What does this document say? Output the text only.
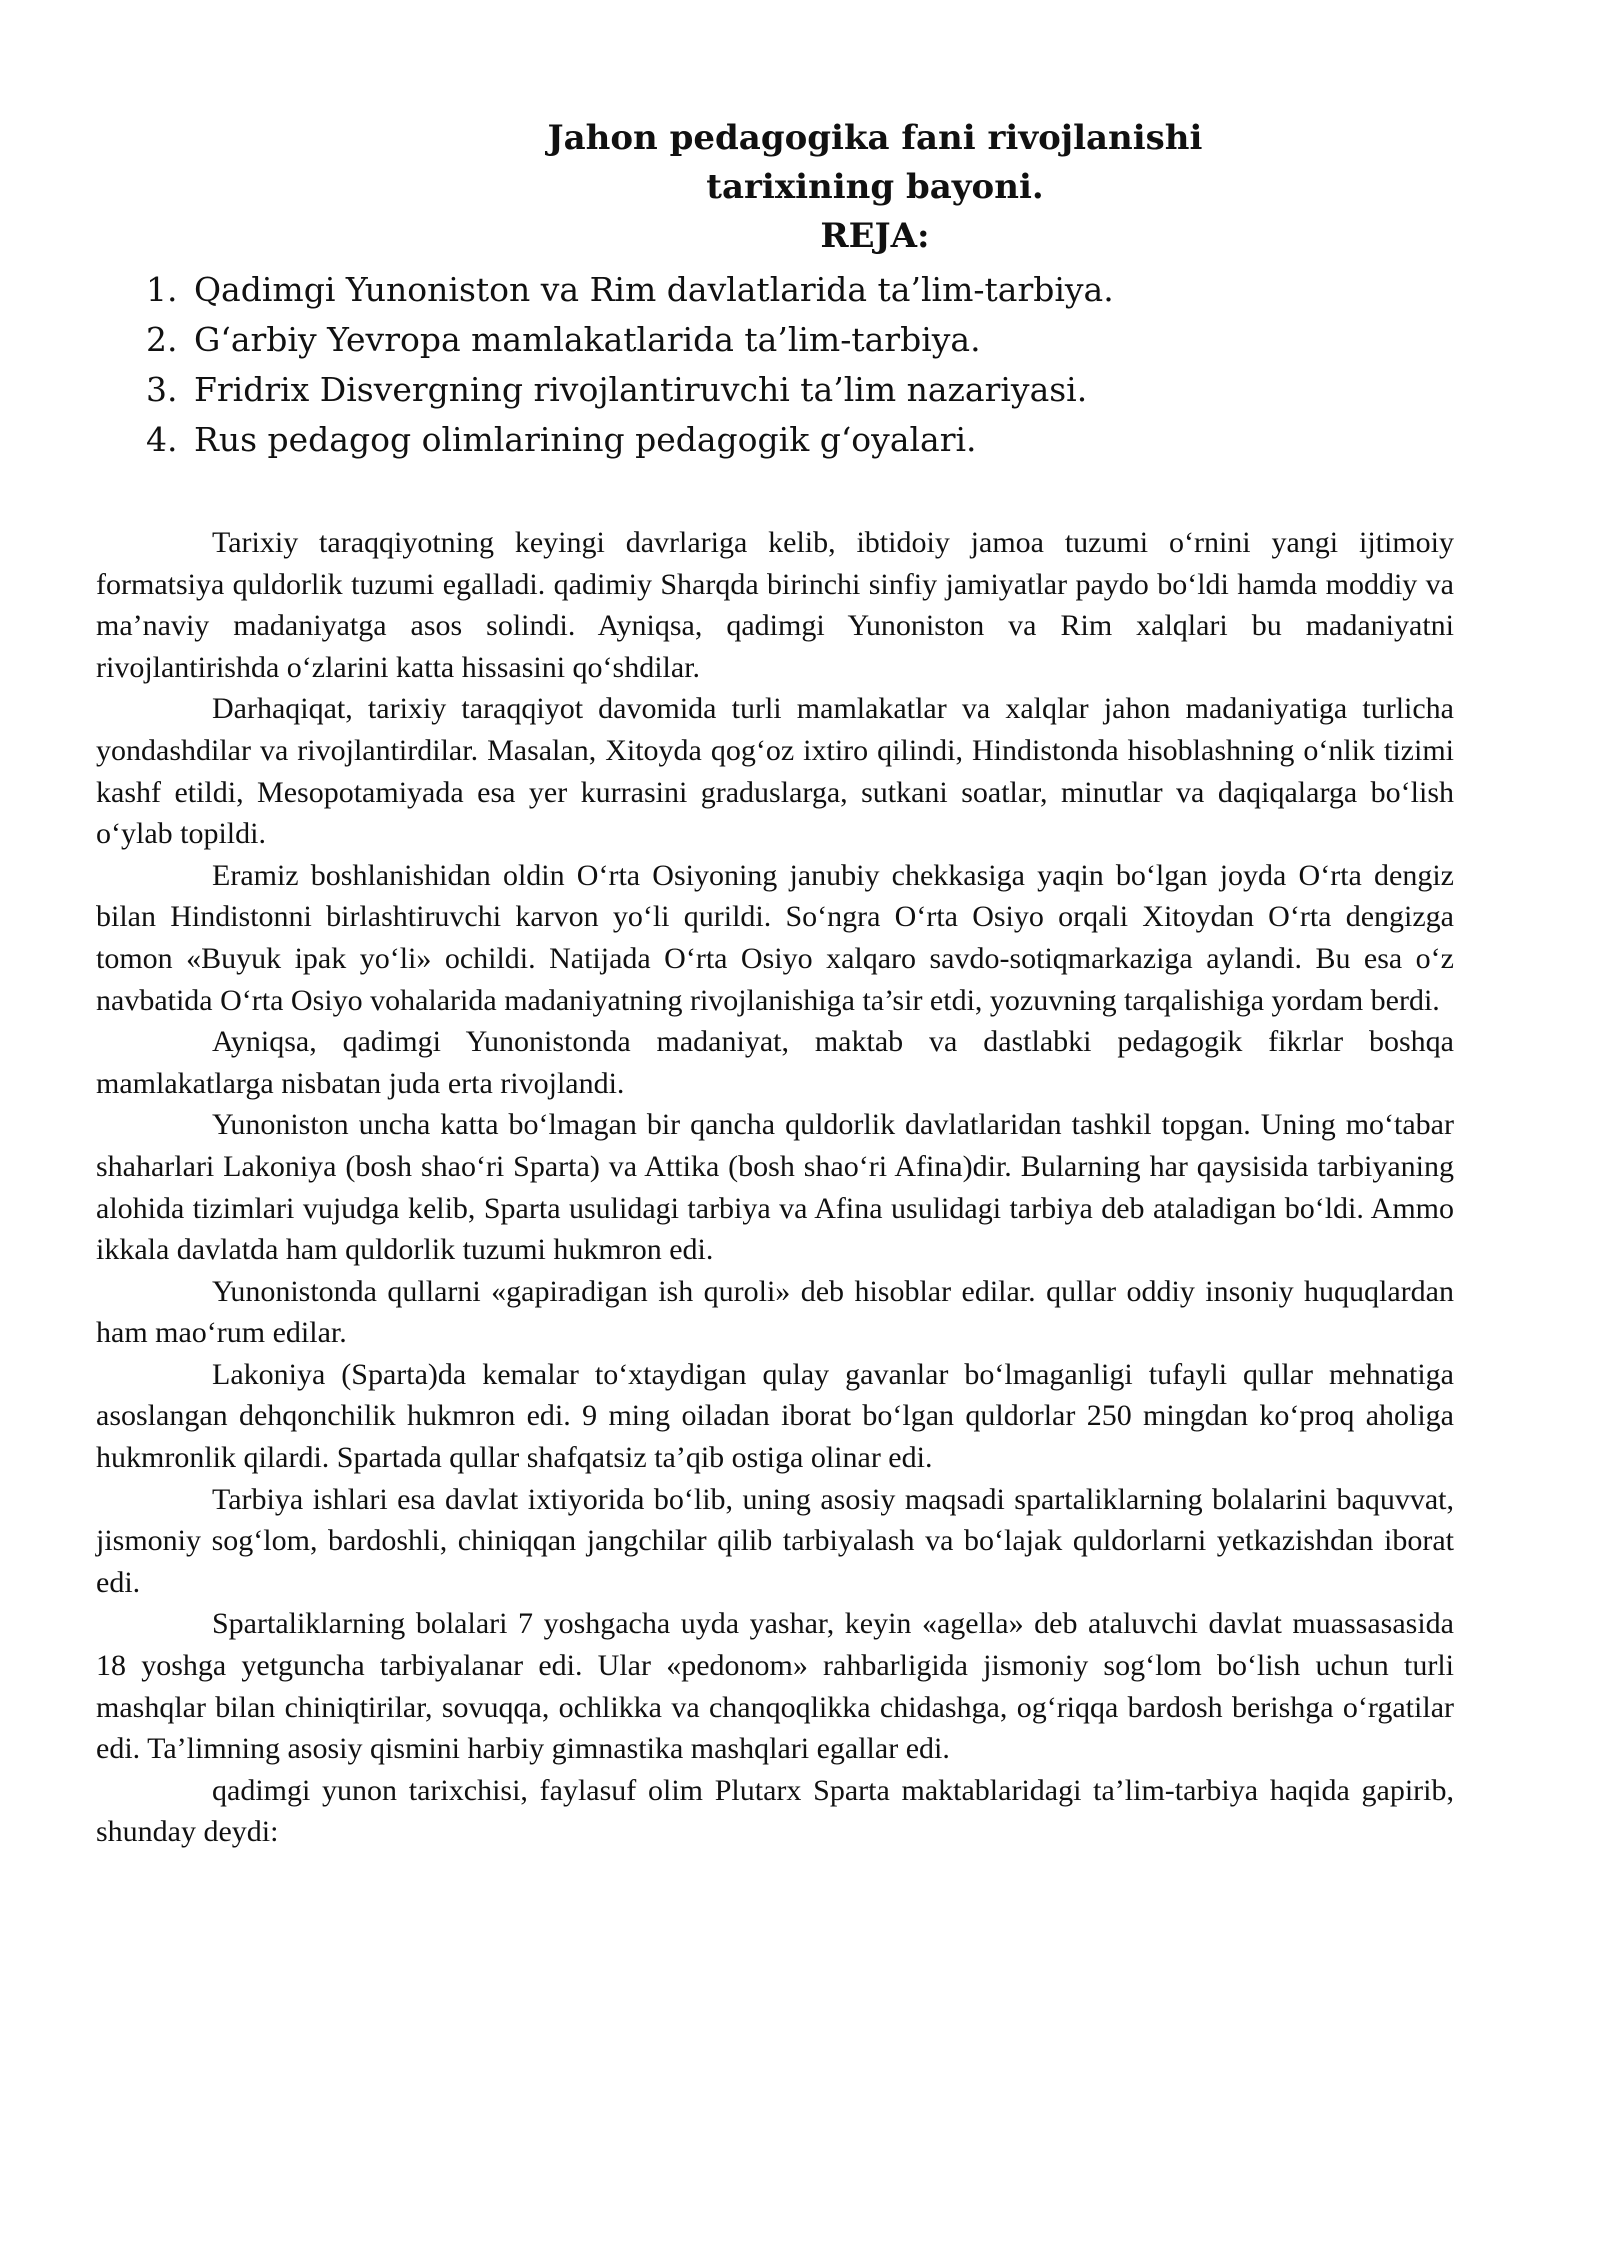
Jahon pedagogika fani rivojlanishi
tarixining bayoni.
REJA:
1. Qadimgi Yunoniston va Rim davlatlarida ta’lim-tarbiya.
2. G‘arbiy Yevropa mamlakatlarida ta’lim-tarbiya.
3. Fridrix Disvergning rivojlantiruvchi ta’lim nazariyasi.
4. Rus pedagog olimlarining pedagogik g‘oyalari.

Tarixiy taraqqiyotning keyingi davrlariga kelib, ibtidoiy jamoa tuzumi o‘rnini yangi ijtimoiy formatsiya quldorlik tuzumi egalladi. qadimiy Sharqda birinchi sinfiy jamiyatlar paydo bo‘ldi hamda moddiy va ma’naviy madaniyatga asos solindi. Ayniqsa, qadimgi Yunoniston va Rim xalqlari bu madaniyatni rivojlantirishda o‘zlarini katta hissasini qo‘shdilar.

Darhaqiqat, tarixiy taraqqiyot davomida turli mamlakatlar va xalqlar jahon madaniyatiga turlicha yondashdilar va rivojlantirdilar. Masalan, Xitoyda qog‘oz ixtiro qilindi, Hindistonda hisoblashning o‘nlik tizimi kashf etildi, Mesopotamiyada esa yer kurrasini graduslarga, sutkani soatlar, minutlar va daqiqalarga bo‘lish o‘ylab topildi.

Eramiz boshlanishidan oldin O‘rta Osiyoning janubiy chekkasiga yaqin bo‘lgan joyda O‘rta dengiz bilan Hindistonni birlashtiruvchi karvon yo‘li qurildi. So‘ngra O‘rta Osiyo orqali Xitoydan O‘rta dengizga tomon «Buyuk ipak yo‘li» ochildi. Natijada O‘rta Osiyo xalqaro savdo-sotiqmarkaziga aylandi. Bu esa o‘z navbatida O‘rta Osiyo vohalarida madaniyatning rivojlanishiga ta’sir etdi, yozuvning tarqalishiga yordam berdi.

Ayniqsa, qadimgi Yunonistonda madaniyat, maktab va dastlabki pedagogik fikrlar boshqa mamlakatlarga nisbatan juda erta rivojlandi.

Yunoniston uncha katta bo‘lmagan bir qancha quldorlik davlatlaridan tashkil topgan. Uning mo‘tabar shaharlari Lakoniya (bosh shao‘ri Sparta) va Attika (bosh shao‘ri Afina)dir. Bularning har qaysisida tarbiyaning alohida tizimlari vujudga kelib, Sparta usulidagi tarbiya va Afina usulidagi tarbiya deb ataladigan bo‘ldi. Ammo ikkala davlatda ham quldorlik tuzumi hukmron edi.

Yunonistonda qullarni «gapiradigan ish quroli» deb hisoblar edilar. qullar oddiy insoniy huquqlardan ham mao‘rum edilar.

Lakoniya (Sparta)da kemalar to‘xtaydigan qulay gavanlar bo‘lmaganligi tufayli qullar mehnatiga asoslangan dehqonchilik hukmron edi. 9 ming oiladan iborat bo‘lgan quldorlar 250 mingdan ko‘proq aholiga hukmronlik qilardi. Spartada qullar shafqatsiz ta’qib ostiga olinar edi.

Tarbiya ishlari esa davlat ixtiyorida bo‘lib, uning asosiy maqsadi spartaliklarning bolalarini baquvvat, jismoniy sog‘lom, bardoshli, chiniqqan jangchilar qilib tarbiyalash va bo‘lajak quldorlarni yetkazishdan iborat edi.

Spartaliklarning bolalari 7 yoshgacha uyda yashar, keyin «agella» deb ataluvchi davlat muassasasida 18 yoshga yetguncha tarbiyalanar edi. Ular «pedonom» rahbarligida jismoniy sog‘lom bo‘lish uchun turli mashqlar bilan chiniqtirilar, sovuqqa, ochlikka va chanqoqlikka chidashga, og‘riqqa bardosh berishga o‘rgatilar edi. Ta’limning asosiy qismini harbiy gimnastika mashqlari egallar edi.

qadimgi yunon tarixchisi, faylasuf olim Plutarx Sparta maktablaridagi ta’lim-tarbiya haqida gapirib, shunday deydi:
